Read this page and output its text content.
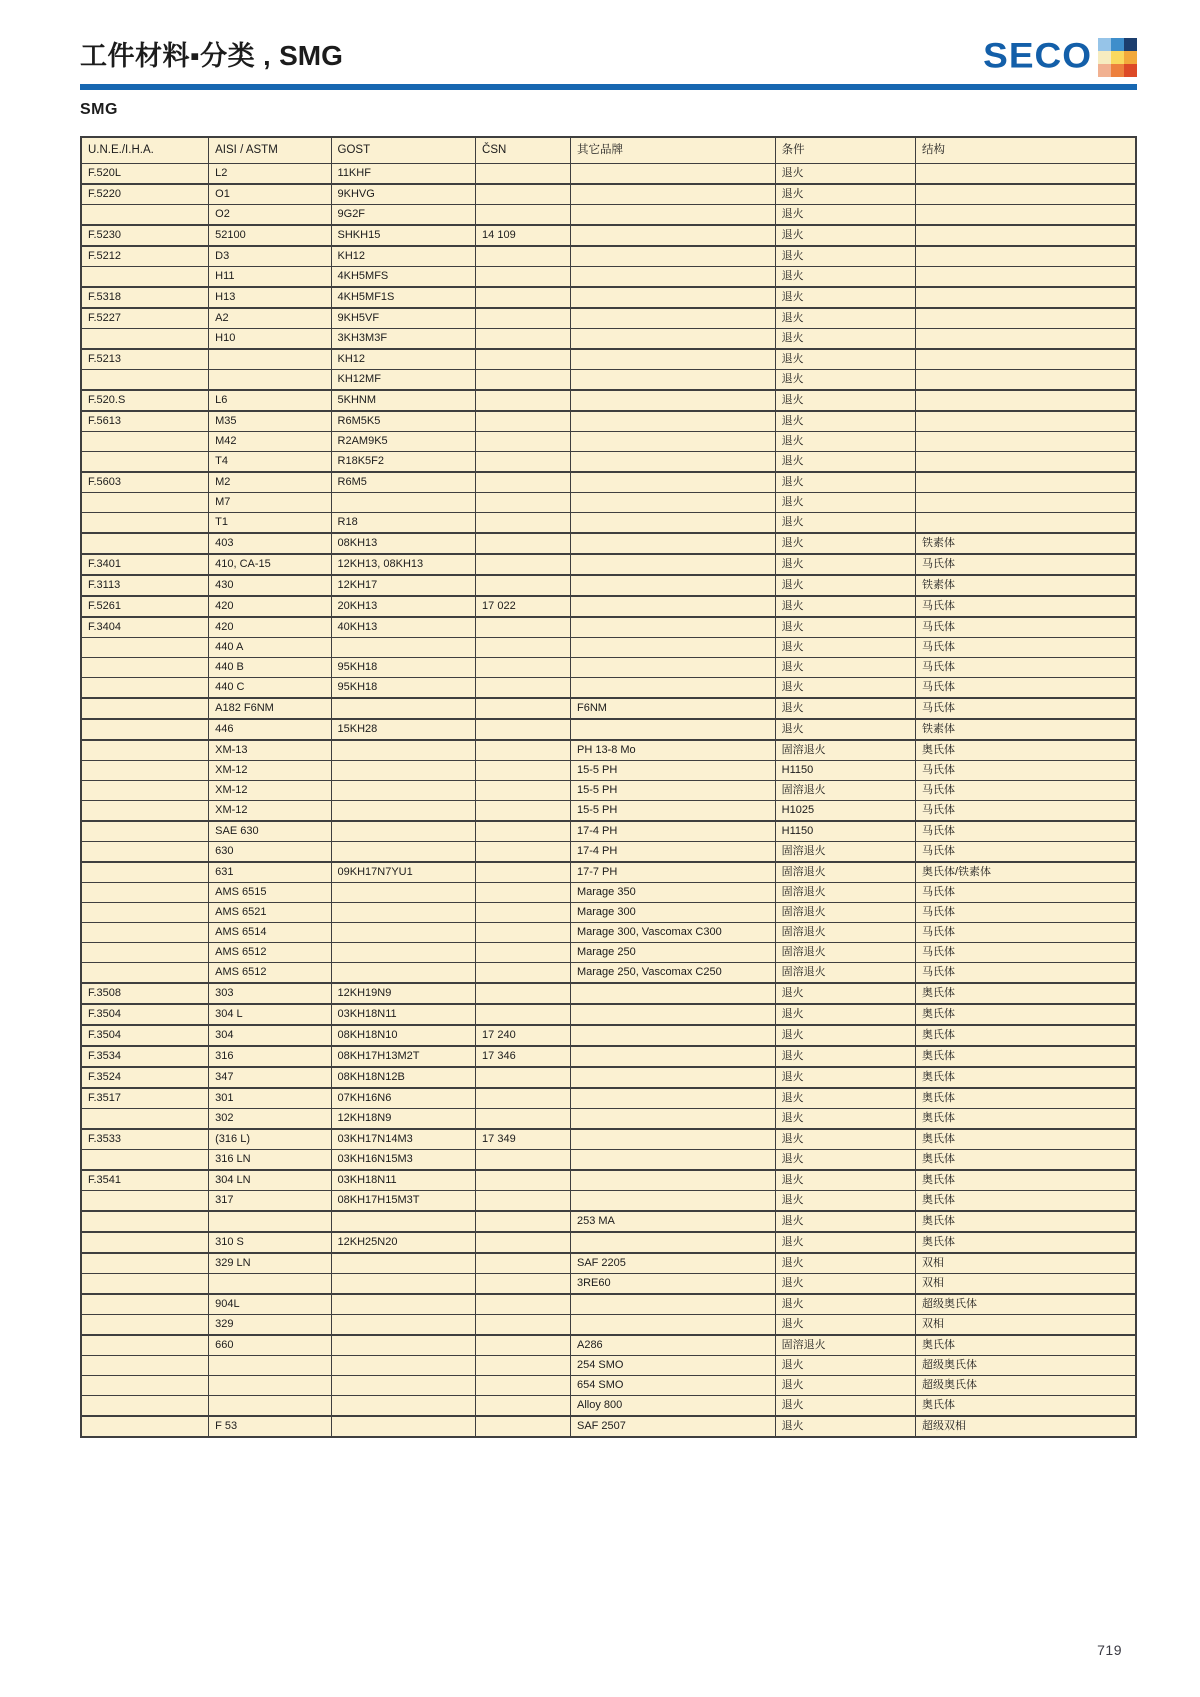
工件材料▪分类 , SMG	SECO
SMG
U.N.E./I.H.A.	AISI / ASTM	GOST	ČSN	其它品牌	条件	结构
F.520L	L2	11KHF			退火	
F.5220	O1	9KHVG			退火	
	O2	9G2F			退火	
F.5230	52100	SHKH15	14 109		退火	
F.5212	D3	KH12			退火	
	H11	4KH5MFS			退火	
F.5318	H13	4KH5MF1S			退火	
F.5227	A2	9KH5VF			退火	
	H10	3KH3M3F			退火	
F.5213		KH12			退火	
		KH12MF			退火	
F.520.S	L6	5KHNM			退火	
F.5613	M35	R6M5K5			退火	
	M42	R2AM9K5			退火	
	T4	R18K5F2			退火	
F.5603	M2	R6M5			退火	
	M7				退火	
	T1	R18			退火	
	403	08KH13			退火	铁素体
F.3401	410, CA-15	12KH13, 08KH13			退火	马氏体
F.3113	430	12KH17			退火	铁素体
F.5261	420	20KH13	17 022		退火	马氏体
F.3404	420	40KH13			退火	马氏体
	440 A				退火	马氏体
	440 B	95KH18			退火	马氏体
	440 C	95KH18			退火	马氏体
	A182 F6NM			F6NM	退火	马氏体
	446	15KH28			退火	铁素体
	XM-13			PH 13-8 Mo	固溶退火	奥氏体
	XM-12			15-5 PH	H1150	马氏体
	XM-12			15-5 PH	固溶退火	马氏体
	XM-12			15-5 PH	H1025	马氏体
	SAE 630			17-4 PH	H1150	马氏体
	630			17-4 PH	固溶退火	马氏体
	631	09KH17N7YU1		17-7 PH	固溶退火	奥氏体/铁素体
	AMS 6515			Marage 350	固溶退火	马氏体
	AMS 6521			Marage 300	固溶退火	马氏体
	AMS 6514			Marage 300, Vascomax C300	固溶退火	马氏体
	AMS 6512			Marage 250	固溶退火	马氏体
	AMS 6512			Marage 250, Vascomax C250	固溶退火	马氏体
F.3508	303	12KH19N9			退火	奥氏体
F.3504	304 L	03KH18N11			退火	奥氏体
F.3504	304	08KH18N10	17 240		退火	奥氏体
F.3534	316	08KH17H13M2T	17 346		退火	奥氏体
F.3524	347	08KH18N12B			退火	奥氏体
F.3517	301	07KH16N6			退火	奥氏体
	302	12KH18N9			退火	奥氏体
F.3533	(316 L)	03KH17N14M3	17 349		退火	奥氏体
	316 LN	03KH16N15M3			退火	奥氏体
F.3541	304 LN	03KH18N11			退火	奥氏体
	317	08KH17H15M3T			退火	奥氏体
				253 MA	退火	奥氏体
	310 S	12KH25N20			退火	奥氏体
	329 LN			SAF 2205	退火	双相
				3RE60	退火	双相
	904L				退火	超级奥氏体
	329				退火	双相
	660			A286	固溶退火	奥氏体
				254 SMO	退火	超级奥氏体
				654 SMO	退火	超级奥氏体
				Alloy 800	退火	奥氏体
	F 53			SAF 2507	退火	超级双相
719
